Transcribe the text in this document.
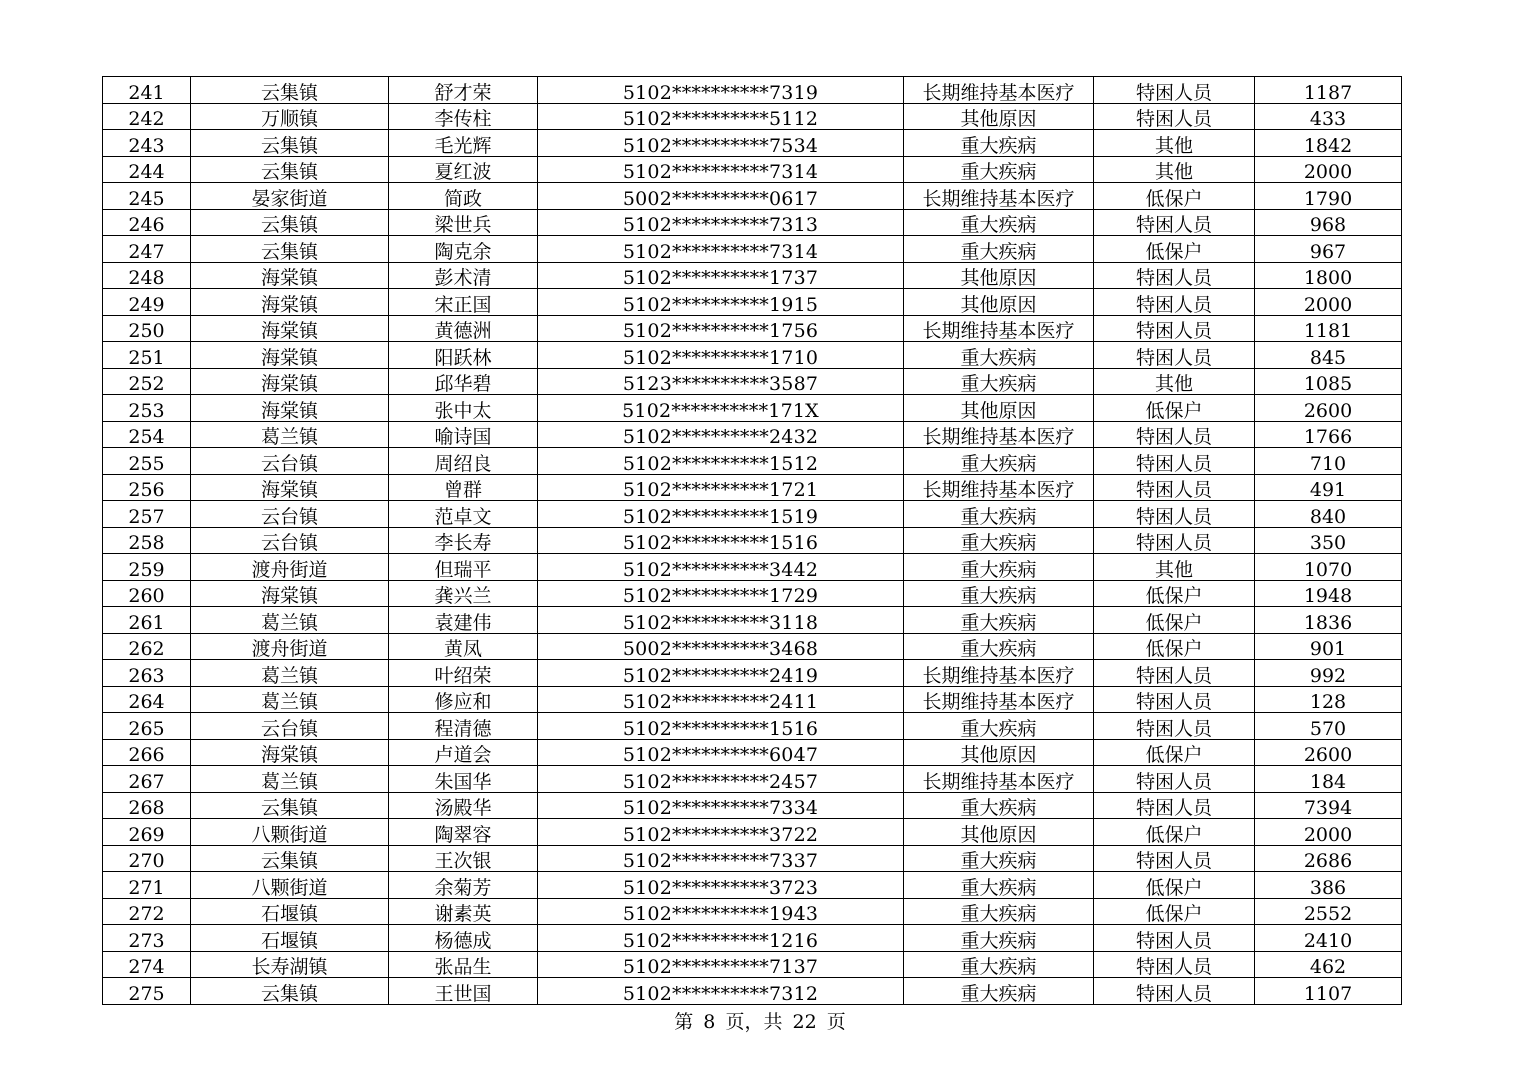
241	云集镇	舒才荣	5102**********7319	长期维持基本医疗	特困人员	1187
242	万顺镇	李传柱	5102**********5112	其他原因	特困人员	433
243	云集镇	毛光辉	5102**********7534	重大疾病	其他	1842
244	云集镇	夏红波	5102**********7314	重大疾病	其他	2000
245	晏家街道	简政	5002**********0617	长期维持基本医疗	低保户	1790
246	云集镇	梁世兵	5102**********7313	重大疾病	特困人员	968
247	云集镇	陶克余	5102**********7314	重大疾病	低保户	967
248	海棠镇	彭术清	5102**********1737	其他原因	特困人员	1800
249	海棠镇	宋正国	5102**********1915	其他原因	特困人员	2000
250	海棠镇	黄德洲	5102**********1756	长期维持基本医疗	特困人员	1181
251	海棠镇	阳跃林	5102**********1710	重大疾病	特困人员	845
252	海棠镇	邱华碧	5123**********3587	重大疾病	其他	1085
253	海棠镇	张中太	5102**********171X	其他原因	低保户	2600
254	葛兰镇	喻诗国	5102**********2432	长期维持基本医疗	特困人员	1766
255	云台镇	周绍良	5102**********1512	重大疾病	特困人员	710
256	海棠镇	曾群	5102**********1721	长期维持基本医疗	特困人员	491
257	云台镇	范卓文	5102**********1519	重大疾病	特困人员	840
258	云台镇	李长寿	5102**********1516	重大疾病	特困人员	350
259	渡舟街道	但瑞平	5102**********3442	重大疾病	其他	1070
260	海棠镇	龚兴兰	5102**********1729	重大疾病	低保户	1948
261	葛兰镇	袁建伟	5102**********3118	重大疾病	低保户	1836
262	渡舟街道	黄凤	5002**********3468	重大疾病	低保户	901
263	葛兰镇	叶绍荣	5102**********2419	长期维持基本医疗	特困人员	992
264	葛兰镇	修应和	5102**********2411	长期维持基本医疗	特困人员	128
265	云台镇	程清德	5102**********1516	重大疾病	特困人员	570
266	海棠镇	卢道会	5102**********6047	其他原因	低保户	2600
267	葛兰镇	朱国华	5102**********2457	长期维持基本医疗	特困人员	184
268	云集镇	汤殿华	5102**********7334	重大疾病	特困人员	7394
269	八颗街道	陶翠容	5102**********3722	其他原因	低保户	2000
270	云集镇	王次银	5102**********7337	重大疾病	特困人员	2686
271	八颗街道	余菊芳	5102**********3723	重大疾病	低保户	386
272	石堰镇	谢素英	5102**********1943	重大疾病	低保户	2552
273	石堰镇	杨德成	5102**********1216	重大疾病	特困人员	2410
274	长寿湖镇	张品生	5102**********7137	重大疾病	特困人员	462
275	云集镇	王世国	5102**********7312	重大疾病	特困人员	1107
第 8 页，共 22 页
